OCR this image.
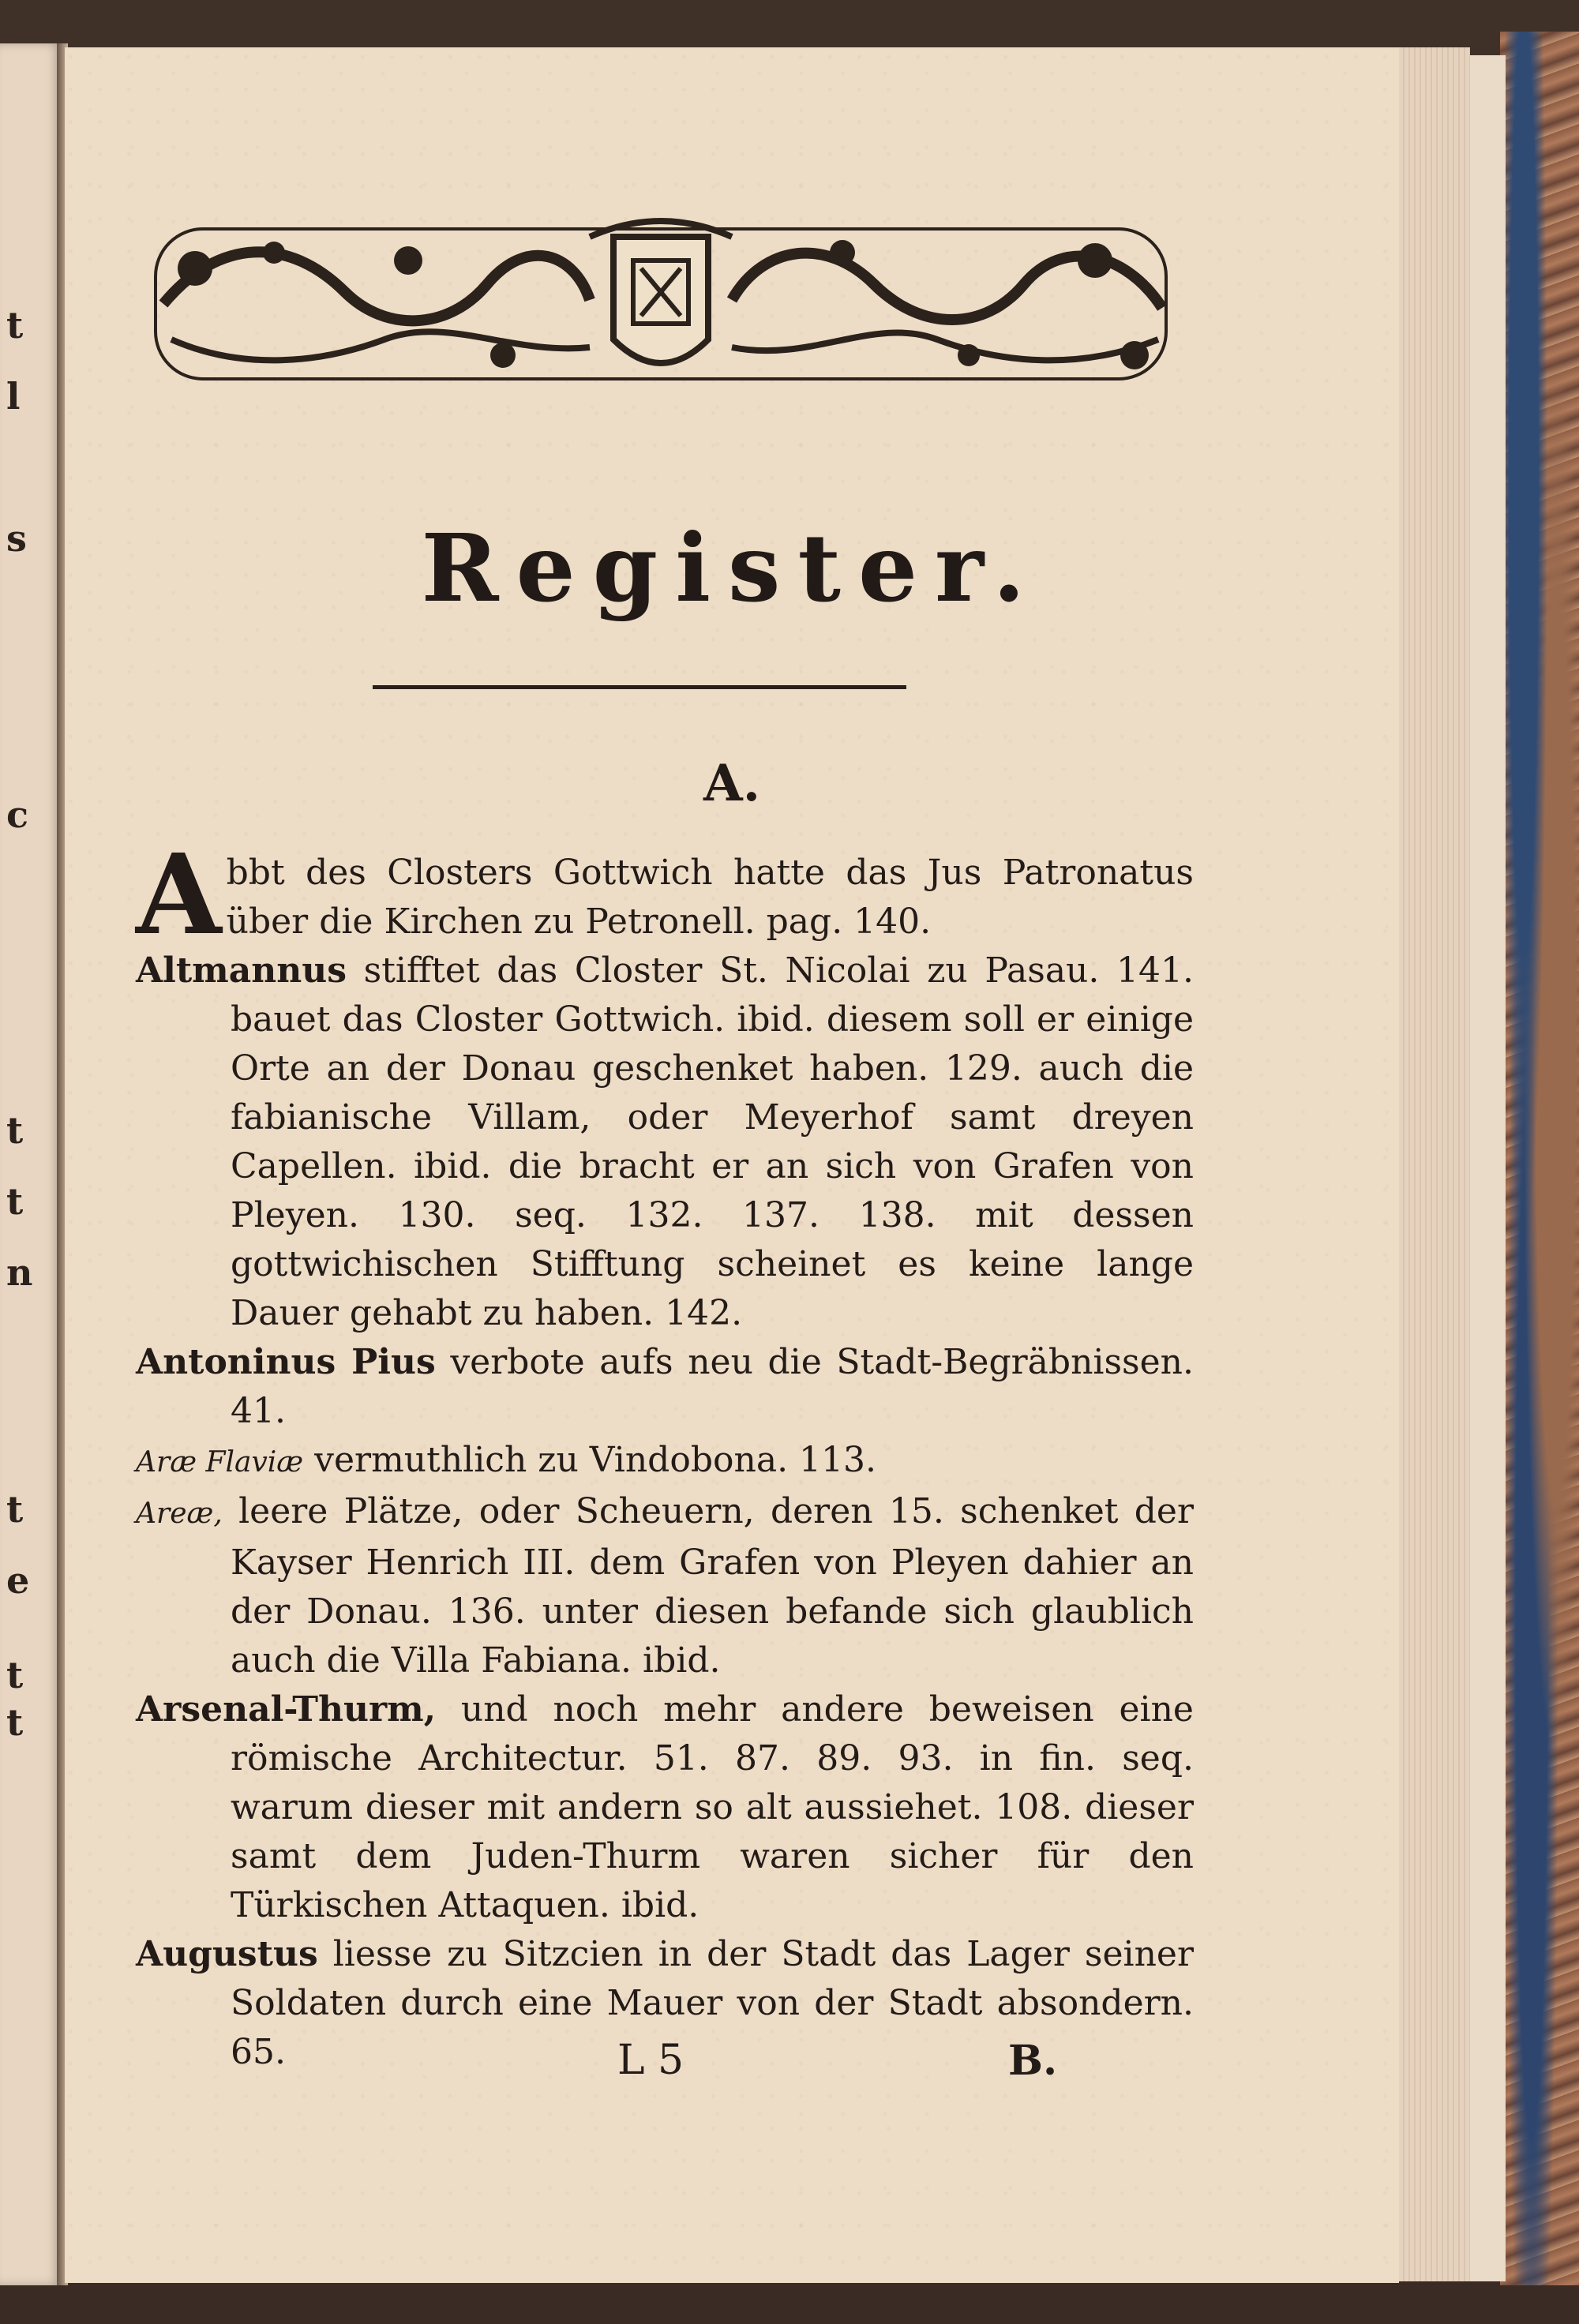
t
l
s
c
t
t
n
t
e
t
t
Register.
A.

A bbt des Closters Gottwich hatte das Jus Patronatus über die Kirchen zu Petronell. pag. 140.

Altmannus stifftet das Closter St. Nicolai zu Pasau. 141. bauet das Closter Gottwich. ibid. diesem soll er einige Orte an der Donau geschenket haben. 129. auch die fabianische Villam, oder Meyerhof samt dreyen Capellen. ibid. die bracht er an sich von Grafen von Pleyen. 130. seq. 132. 137. 138. mit dessen gottwichischen Stifftung scheinet es keine lange Dauer gehabt zu haben. 142.

Antoninus Pius verbote aufs neu die Stadt-Begräbnissen. 41.

Aræ Flaviæ vermuthlich zu Vindobona. 113.

Areæ, leere Plätze, oder Scheuern, deren 15. schenket der Kayser Henrich III. dem Grafen von Pleyen dahier an der Donau. 136. unter diesen befande sich glaublich auch die Villa Fabiana. ibid.

Arsenal-Thurm, und noch mehr andere beweisen eine römische Architectur. 51. 87. 89. 93. in fin. seq. warum dieser mit andern so alt aussiehet. 108. dieser samt dem Juden-Thurm waren sicher für den Türkischen Attaquen. ibid.

Augustus liesse zu Sitzcien in der Stadt das Lager seiner Soldaten durch eine Mauer von der Stadt absondern. 65.	L 5	B.
